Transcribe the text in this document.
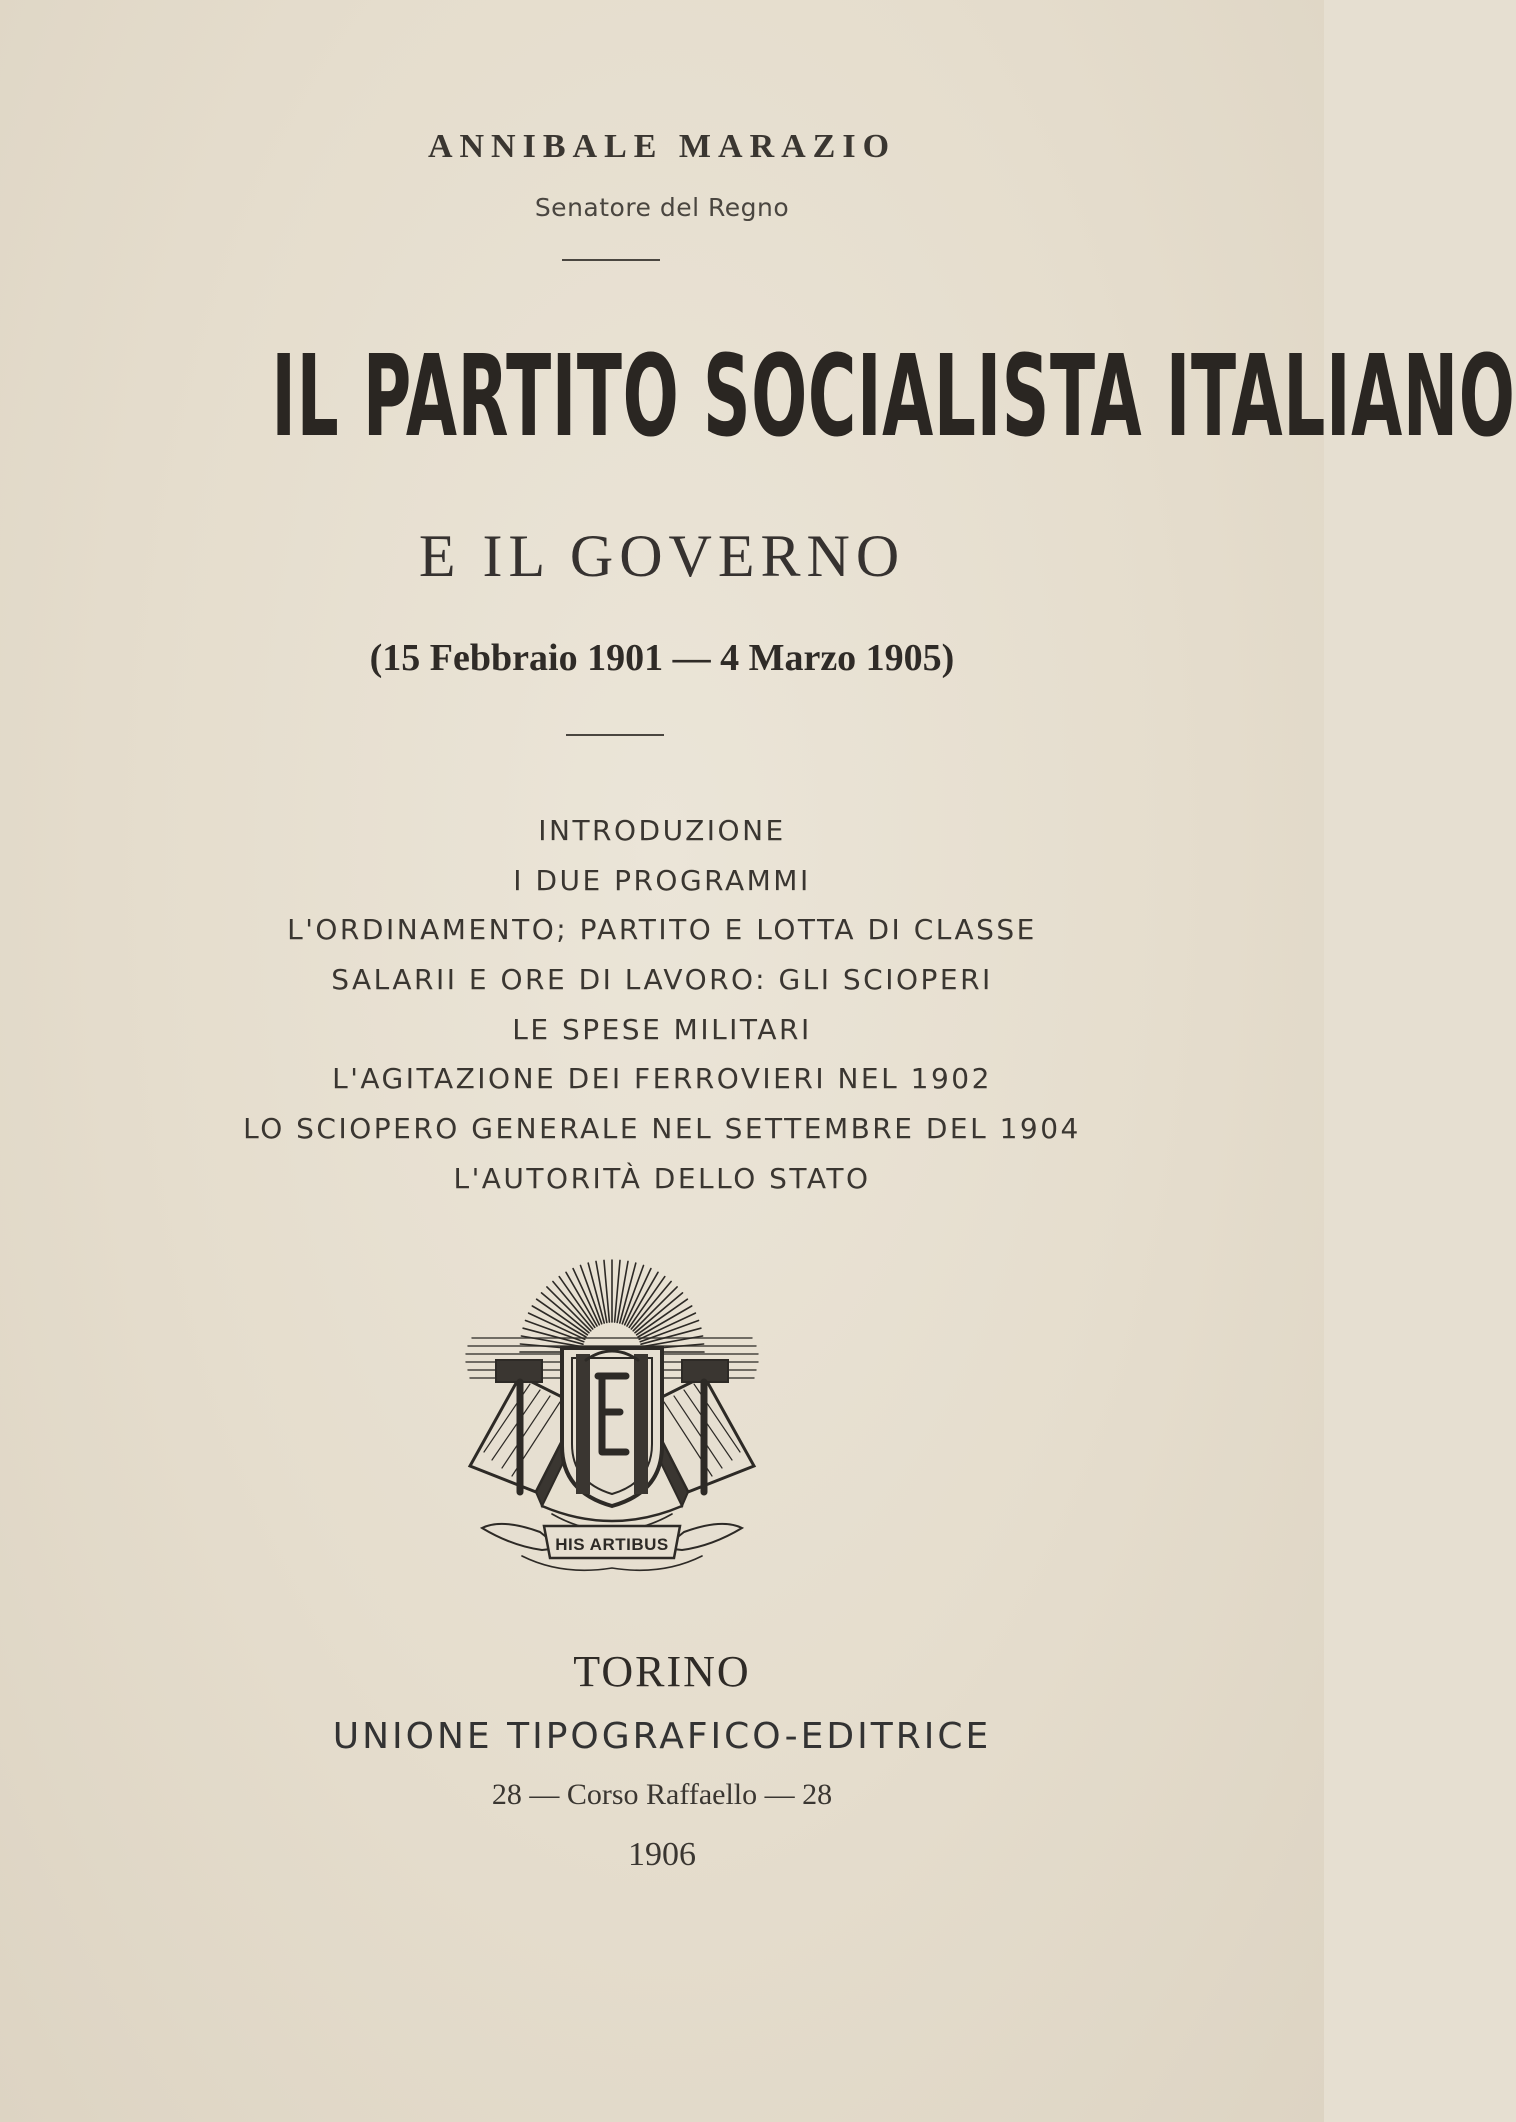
ANNIBALE MARAZIO
Senatore del Regno
IL PARTITO SOCIALISTA ITALIANO
E IL GOVERNO
(15 Febbraio 1901 — 4 Marzo 1905)
INTRODUZIONE
I DUE PROGRAMMI
L'ORDINAMENTO; PARTITO E LOTTA DI CLASSE
SALARII E ORE DI LAVORO: GLI SCIOPERI
LE SPESE MILITARI
L'AGITAZIONE DEI FERROVIERI NEL 1902
LO SCIOPERO GENERALE NEL SETTEMBRE DEL 1904
L'AUTORITÀ DELLO STATO
HIS ARTIBUS
TORINO
UNIONE TIPOGRAFICO-EDITRICE
28 — Corso Raffaello — 28
1906
